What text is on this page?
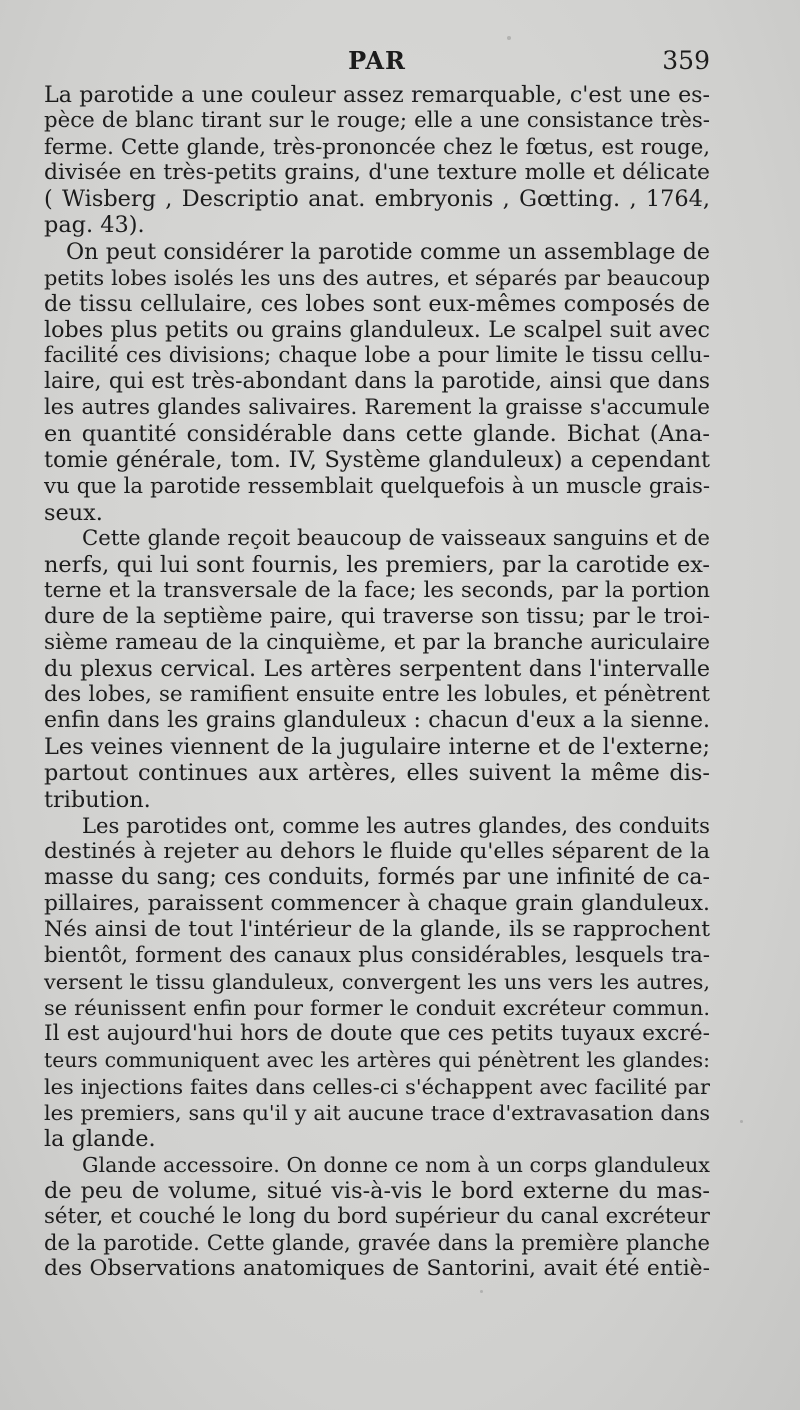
PAR	359
La parotide a une couleur assez remarquable, c'est une es-
pèce de blanc tirant sur le rouge; elle a une consistance très-
ferme. Cette glande, très-prononcée chez le fœtus, est rouge,
divisée en très-petits grains, d'une texture molle et délicate
( Wisberg , Descriptio anat. embryonis , Gœtting. , 1764,
pag. 43).
On peut considérer la parotide comme un assemblage de
petits lobes isolés les uns des autres, et séparés par beaucoup
de tissu cellulaire, ces lobes sont eux-mêmes composés de
lobes plus petits ou grains glanduleux. Le scalpel suit avec
facilité ces divisions; chaque lobe a pour limite le tissu cellu-
laire, qui est très-abondant dans la parotide, ainsi que dans
les autres glandes salivaires. Rarement la graisse s'accumule
en quantité considérable dans cette glande. Bichat (Ana-
tomie générale, tom. IV, Système glanduleux) a cependant
vu que la parotide ressemblait quelquefois à un muscle grais-
seux.
Cette glande reçoit beaucoup de vaisseaux sanguins et de
nerfs, qui lui sont fournis, les premiers, par la carotide ex-
terne et la transversale de la face; les seconds, par la portion
dure de la septième paire, qui traverse son tissu; par le troi-
sième rameau de la cinquième, et par la branche auriculaire
du plexus cervical. Les artères serpentent dans l'intervalle
des lobes, se ramifient ensuite entre les lobules, et pénètrent
enfin dans les grains glanduleux : chacun d'eux a la sienne.
Les veines viennent de la jugulaire interne et de l'externe;
partout continues aux artères, elles suivent la même dis-
tribution.
Les parotides ont, comme les autres glandes, des conduits
destinés à rejeter au dehors le fluide qu'elles séparent de la
masse du sang; ces conduits, formés par une infinité de ca-
pillaires, paraissent commencer à chaque grain glanduleux.
Nés ainsi de tout l'intérieur de la glande, ils se rapprochent
bientôt, forment des canaux plus considérables, lesquels tra-
versent le tissu glanduleux, convergent les uns vers les autres,
se réunissent enfin pour former le conduit excréteur commun.
Il est aujourd'hui hors de doute que ces petits tuyaux excré-
teurs communiquent avec les artères qui pénètrent les glandes:
les injections faites dans celles-ci s'échappent avec facilité par
les premiers, sans qu'il y ait aucune trace d'extravasation dans
la glande.
Glande accessoire. On donne ce nom à un corps glanduleux
de peu de volume, situé vis-à-vis le bord externe du mas-
séter, et couché le long du bord supérieur du canal excréteur
de la parotide. Cette glande, gravée dans la première planche
des Observations anatomiques de Santorini, avait été entiè-
